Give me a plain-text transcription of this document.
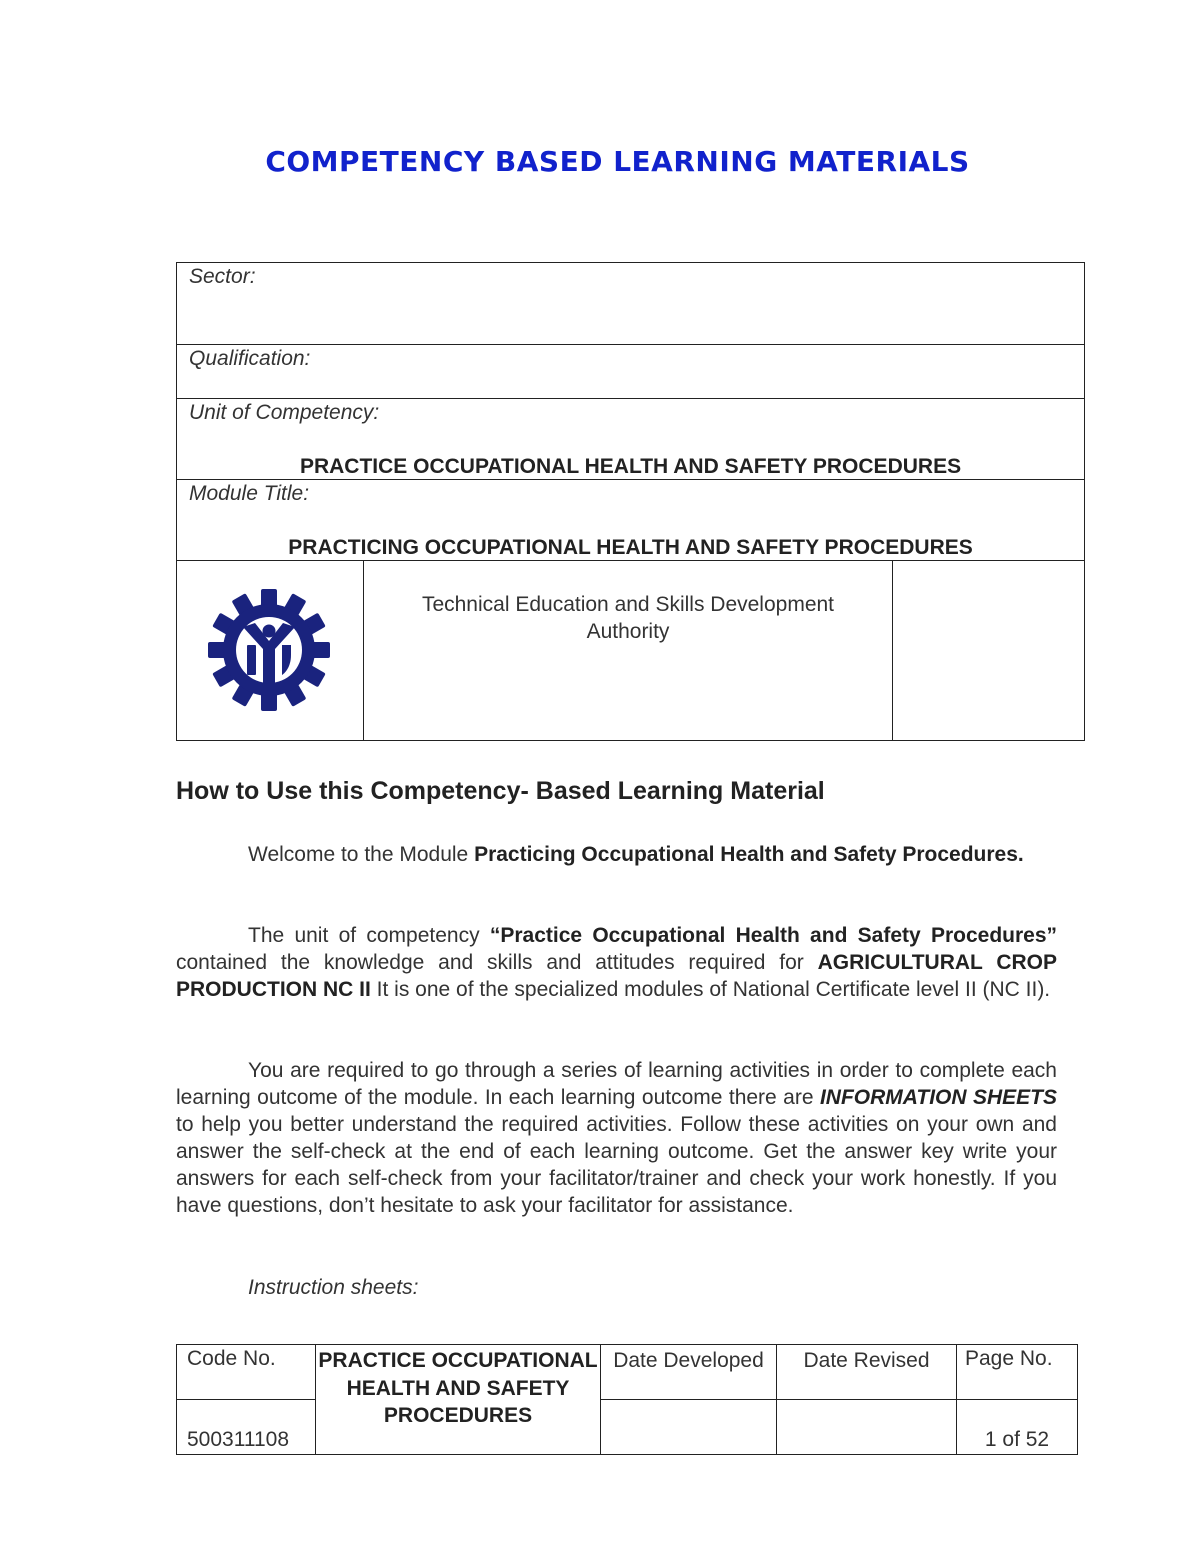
COMPETENCY BASED LEARNING MATERIALS
Sector:

Qualification:

Unit of Competency:
PRACTICE OCCUPATIONAL HEALTH AND SAFETY PROCEDURES

Module Title:
PRACTICING OCCUPATIONAL HEALTH AND SAFETY PROCEDURES

Technical Education and Skills Development
Authority

How to Use this Competency- Based Learning Material

Welcome to the Module Practicing Occupational Health and Safety Procedures.

The unit of competency “Practice Occupational Health and Safety Procedures” contained the knowledge and skills and attitudes required for AGRICULTURAL CROP PRODUCTION NC II It is one of the specialized modules of National Certificate level II (NC II).

You are required to go through a series of learning activities in order to complete each learning outcome of the module. In each learning outcome there are INFORMATION SHEETS to help you better understand the required activities. Follow these activities on your own and answer the self-check at the end of each learning outcome. Get the answer key write your answers for each self-check from your facilitator/trainer and check your work honestly. If you have questions, don’t hesitate to ask your facilitator for assistance.

Instruction sheets:

Code No.	PRACTICE OCCUPATIONAL HEALTH AND SAFETY PROCEDURES	Date Developed	Date Revised	Page No.
500311108				1 of 52
